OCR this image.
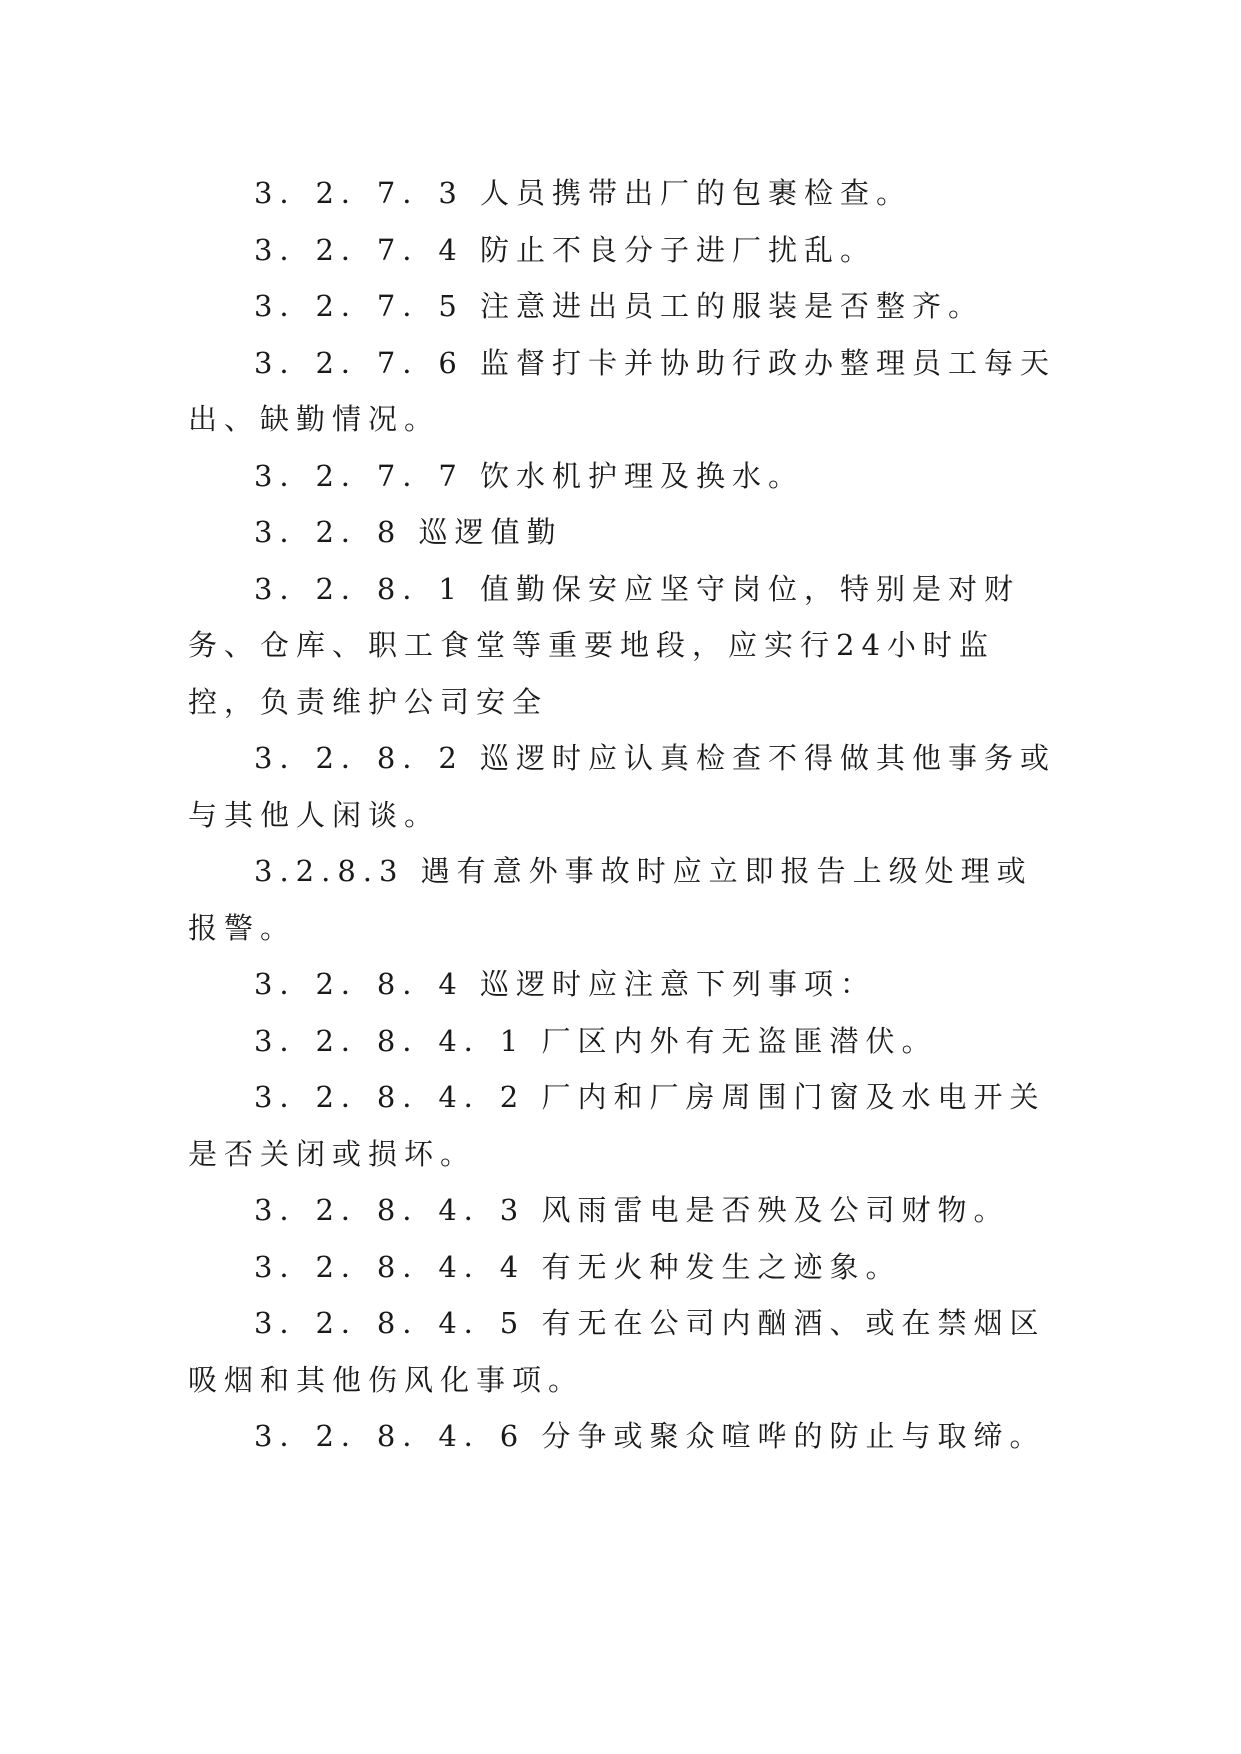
3．2．7．3 人员携带出厂的包裹检查。

3．2．7．4 防止不良分子进厂扰乱。

3．2．7．5 注意进出员工的服装是否整齐。

3．2．7．6 监督打卡并协助行政办整理员工每天出、缺勤情况。

3．2．7．7 饮水机护理及换水。

3．2．8 巡逻值勤

3．2．8．1 值勤保安应坚守岗位，特别是对财务、仓库、职工食堂等重要地段，应实行24小时监控，负责维护公司安全

3．2．8．2 巡逻时应认真检查不得做其他事务或与其他人闲谈。

3.2.8.3 遇有意外事故时应立即报告上级处理或报警。

3．2．8．4 巡逻时应注意下列事项：

3．2．8．4．1 厂区内外有无盗匪潜伏。

3．2．8．4．2 厂内和厂房周围门窗及水电开关是否关闭或损坏。

3．2．8．4．3 风雨雷电是否殃及公司财物。

3．2．8．4．4 有无火种发生之迹象。

3．2．8．4．5 有无在公司内酗酒、或在禁烟区吸烟和其他伤风化事项。

3．2．8．4．6 分争或聚众喧哗的防止与取缔。
